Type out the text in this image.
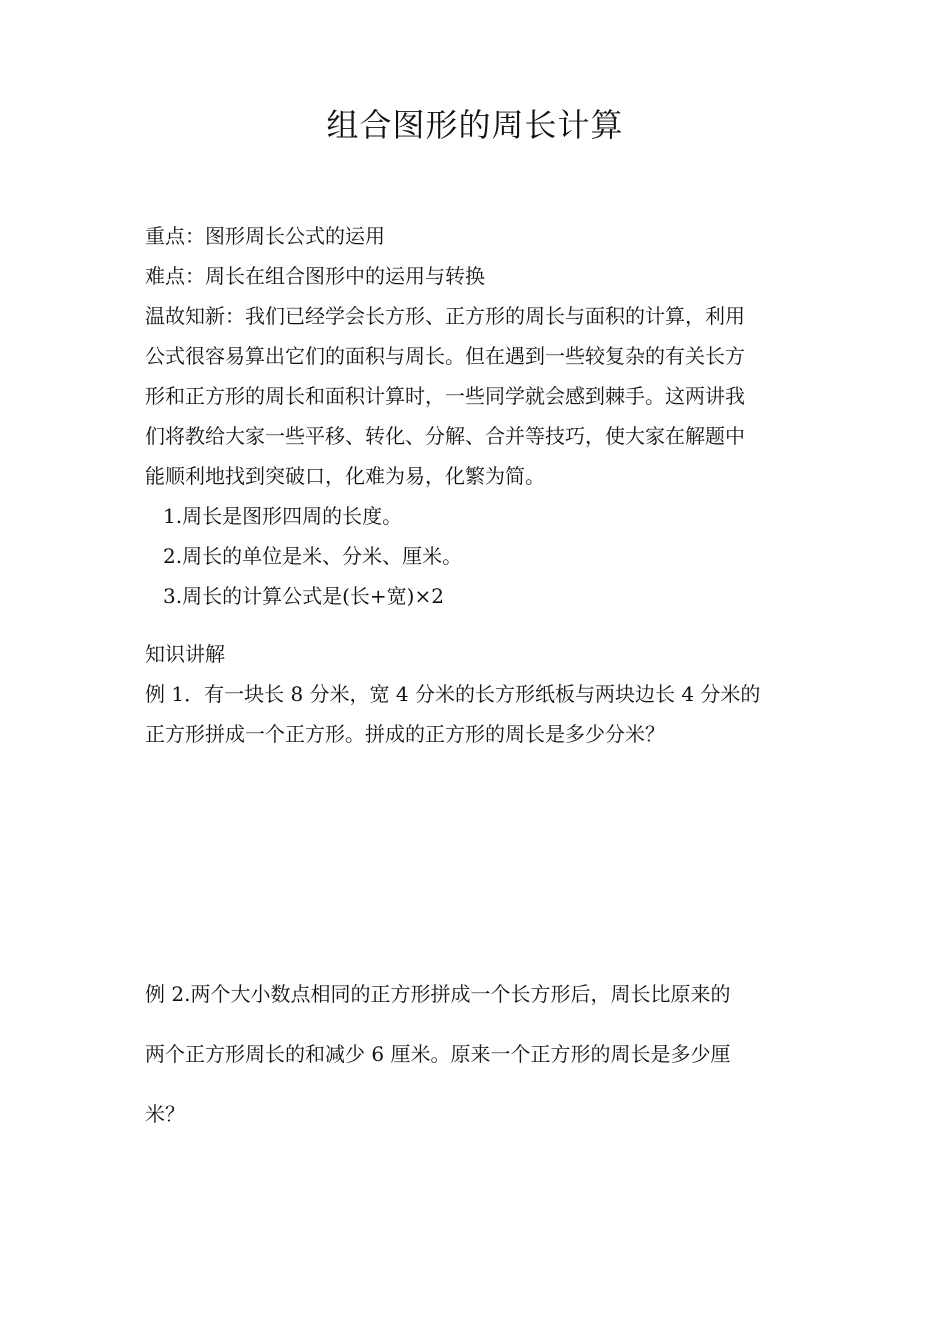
组合图形的周长计算

重点：图形周长公式的运用

难点：周长在组合图形中的运用与转换

温故知新：我们已经学会长方形、正方形的周长与面积的计算，利用

公式很容易算出它们的面积与周长。但在遇到一些较复杂的有关长方

形和正方形的周长和面积计算时，一些同学就会感到棘手。这两讲我

们将教给大家一些平移、转化、分解、合并等技巧，使大家在解题中

能顺利地找到突破口，化难为易，化繁为简。

1.周长是图形四周的长度。

2.周长的单位是米、分米、厘米。

3.周长的计算公式是(长+宽)×2

知识讲解

例 1．有一块长 8 分米，宽 4 分米的长方形纸板与两块边长 4 分米的

正方形拼成一个正方形。拼成的正方形的周长是多少分米？

例 2.两个大小数点相同的正方形拼成一个长方形后，周长比原来的

两个正方形周长的和减少 6 厘米。原来一个正方形的周长是多少厘

米？
